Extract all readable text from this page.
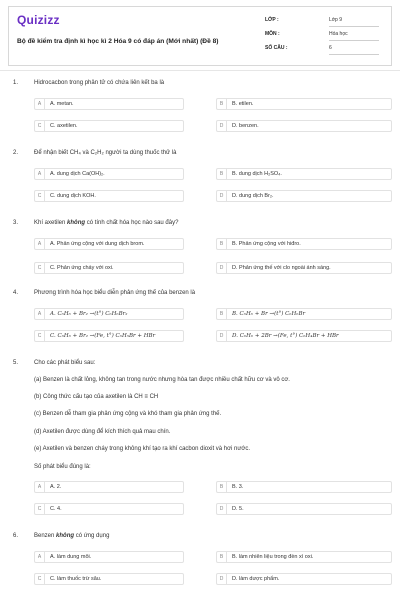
Quizizz
Bộ đề kiểm tra định kì học kì 2 Hóa 9 có đáp án (Mới nhất) (Đề 8)
LỚP :	Lớp 9
MÔN :	Hóa học
SỐ CÂU :	6
1.	Hidrocacbon trong phân tử có chứa liên kết ba là
A	A. metan.	B	B. etilen.
C	C. axetilen.	D	D. benzen.
2.	Để nhận biết CH₄ và C₂H₂ người ta dùng thuốc thử là
A	A. dung dịch Ca(OH)₂.	B	B. dung dịch H₂SO₄.
C	C. dung dịch KOH.	D	D. dung dịch Br₂.
3.	Khí axetilen không có tính chất hóa học nào sau đây?
A	A. Phản ứng cộng với dung dịch brom.	B	B. Phản ứng cộng với hiđro.
C	C. Phản ứng cháy với oxi.	D	D. Phản ứng thế với clo ngoài ánh sáng.
4.	Phương trình hóa học biểu diễn phản ứng thế của benzen là
A	A. C₆H₆ + Br₂ →(t°) C₆H₆Br₂	B	B. C₆H₆ + Br →(t°) C₆H₆Br
C	C. C₆H₆ + Br₂ →(Fe, t°) C₆H₅Br + HBr	D	D. C₆H₆ + 2Br →(Fe, t°) C₆H₄Br + HBr
5.	Cho các phát biểu sau:
(a) Benzen là chất lỏng, không tan trong nước nhưng hòa tan được nhiều chất hữu cơ và vô cơ.
(b) Công thức cấu tạo của axetilen là CH ≡ CH
(c) Benzen dễ tham gia phản ứng cộng và khó tham gia phản ứng thế.
(d) Axetilen được dùng để kích thích quả mau chín.
(e) Axetilen và benzen cháy trong không khí tạo ra khí cacbon dioxit và hơi nước.
Số phát biểu đúng là:
A	A. 2.	B	B. 3.
C	C. 4.	D	D. 5.
6.	Benzen không có ứng dụng
A	A. làm dung môi.	B	B. làm nhiên liệu trong đèn xì oxi.
C	C. làm thuốc trừ sâu.	D	D. làm dược phẩm.
